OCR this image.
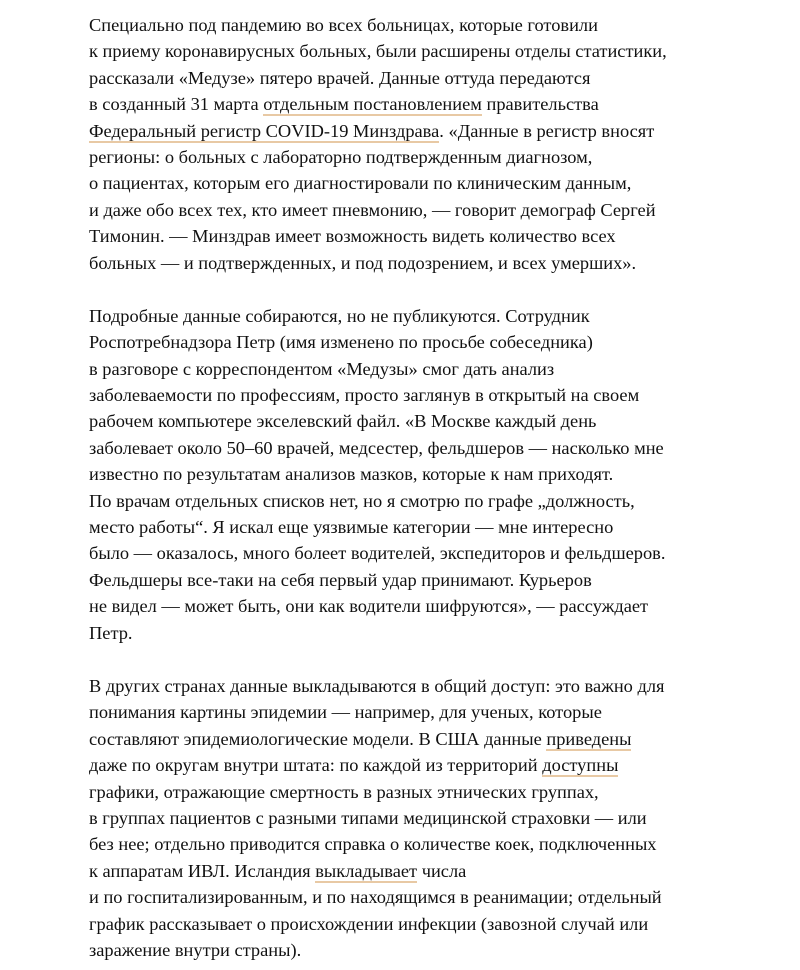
Специально под пандемию во всех больницах, которые готовили
к приему коронавирусных больных, были расширены отделы статистики,
рассказали «Медузе» пятеро врачей. Данные оттуда передаются
в созданный 31 марта отдельным постановлением правительства
Федеральный регистр COVID-19 Минздрава. «Данные в регистр вносят
регионы: о больных с лабораторно подтвержденным диагнозом,
о пациентах, которым его диагностировали по клиническим данным,
и даже обо всех тех, кто имеет пневмонию, — говорит демограф Сергей
Тимонин. — Минздрав имеет возможность видеть количество всех
больных — и подтвержденных, и под подозрением, и всех умерших».

Подробные данные собираются, но не публикуются. Сотрудник
Роспотребнадзора Петр (имя изменено по просьбе собеседника)
в разговоре с корреспондентом «Медузы» смог дать анализ
заболеваемости по профессиям, просто заглянув в открытый на своем
рабочем компьютере экселевский файл. «В Москве каждый день
заболевает около 50–60 врачей, медсестер, фельдшеров — насколько мне
известно по результатам анализов мазков, которые к нам приходят.
По врачам отдельных списков нет, но я смотрю по графе „должность,
место работы“. Я искал еще уязвимые категории — мне интересно
было — оказалось, много болеет водителей, экспедиторов и фельдшеров.
Фельдшеры все-таки на себя первый удар принимают. Курьеров
не видел — может быть, они как водители шифруются», — рассуждает
Петр.

В других странах данные выкладываются в общий доступ: это важно для
понимания картины эпидемии — например, для ученых, которые
составляют эпидемиологические модели. В США данные приведены
даже по округам внутри штата: по каждой из территорий доступны
графики, отражающие смертность в разных этнических группах,
в группах пациентов с разными типами медицинской страховки — или
без нее; отдельно приводится справка о количестве коек, подключенных
к аппаратам ИВЛ. Исландия выкладывает числа
и по госпитализированным, и по находящимся в реанимации; отдельный
график рассказывает о происхождении инфекции (завозной случай или
заражение внутри страны).
